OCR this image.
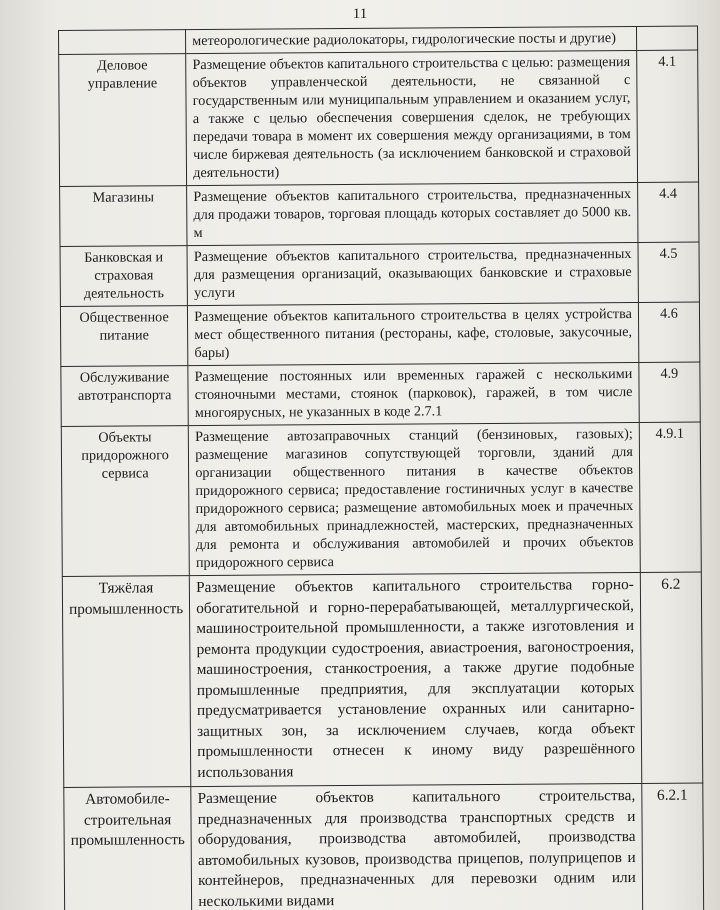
11
	метеорологические радиолокаторы, гидрологические посты и другие)	
Деловое управление	Размещение объектов капитального строительства с целью: размещения объектов управленческой деятельности, не связанной с государственным или муниципальным управлением и оказанием услуг, а также с целью обеспечения совершения сделок, не требующих передачи товара в момент их совершения между организациями, в том числе биржевая деятельность (за исключением банковской и страховой деятельности)	4.1
Магазины	Размещение объектов капитального строительства, предназначенных для продажи товаров, торговая площадь которых составляет до 5000 кв. м	4.4
Банковская и страховая деятельность	Размещение объектов капитального строительства, предназначенных для размещения организаций, оказывающих банковские и страховые услуги	4.5
Общественное питание	Размещение объектов капитального строительства в целях устройства мест общественного питания (рестораны, кафе, столовые, закусочные, бары)	4.6
Обслуживание автотранспорта	Размещение постоянных или временных гаражей с несколькими стояночными местами, стоянок (парковок), гаражей, в том числе многоярусных, не указанных в коде 2.7.1	4.9
Объекты придорожного сервиса	Размещение автозаправочных станций (бензиновых, газовых); размещение магазинов сопутствующей торговли, зданий для организации общественного питания в качестве объектов придорожного сервиса; предоставление гостиничных услуг в качестве придорожного сервиса; размещение автомобильных моек и прачечных для автомобильных принадлежностей, мастерских, предназначенных для ремонта и обслуживания автомобилей и прочих объектов придорожного сервиса	4.9.1
Тяжёлая промышленность	Размещение объектов капитального строительства горно-обогатительной и горно-перерабатывающей, металлургической, машиностроительной промышленности, а также изготовления и ремонта продукции судостроения, авиастроения, вагоностроения, машиностроения, станкостроения, а также другие подобные промышленные предприятия, для эксплуатации которых предусматривается установление охранных или санитарно-защитных зон, за исключением случаев, когда объект промышленности отнесен к иному виду разрешённого использования	6.2
Автомобиле-строительная промышленность	Размещение объектов капитального строительства, предназначенных для производства транспортных средств и оборудования, производства автомобилей, производства автомобильных кузовов, производства прицепов, полуприцепов и контейнеров, предназначенных для перевозки одним или несколькими видами	6.2.1
